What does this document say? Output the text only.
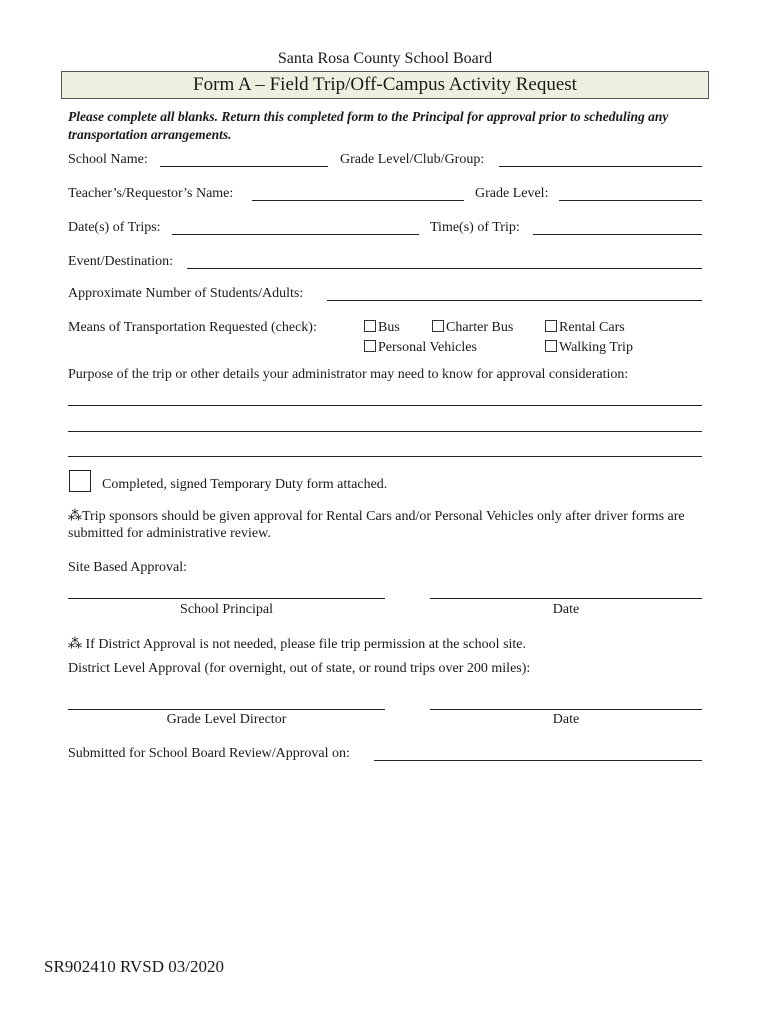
Santa Rosa County School Board
Form A – Field Trip/Off-Campus Activity Request
Please complete all blanks. Return this completed form to the Principal for approval prior to scheduling any transportation arrangements.
School Name:	Grade Level/Club/Group:
Teacher’s/Requestor’s Name:	Grade Level:
Date(s) of Trips:	Time(s) of Trip:
Event/Destination:
Approximate Number of Students/Adults:
Means of Transportation Requested (check):	Bus	Charter Bus	Rental Cars
Personal Vehicles	Walking Trip
Purpose of the trip or other details your administrator may need to know for approval consideration:
Completed, signed Temporary Duty form attached.
⁂Trip sponsors should be given approval for Rental Cars and/or Personal Vehicles only after driver forms are submitted for administrative review.
Site Based Approval:
School Principal	Date
⁂ If District Approval is not needed, please file trip permission at the school site.
District Level Approval (for overnight, out of state, or round trips over 200 miles):
Grade Level Director	Date
Submitted for School Board Review/Approval on:
SR902410 RVSD 03/2020
